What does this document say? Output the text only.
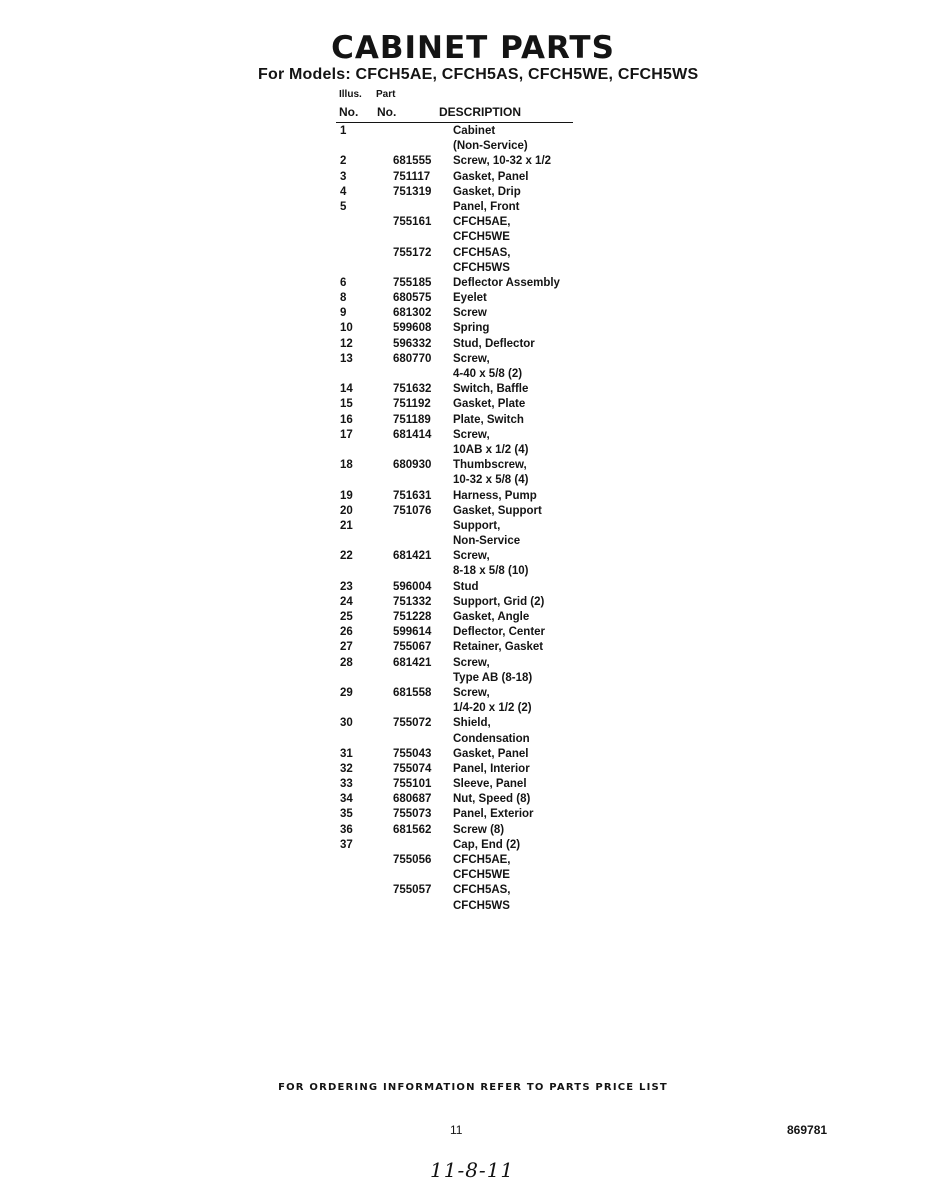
CABINET PARTS
For Models: CFCH5AE, CFCH5AS, CFCH5WE, CFCH5WS
Illus. Part
No. No.	DESCRIPTION
1	Cabinet
(Non-Service)
2	681555 Screw, 10-32 x 1/2
3	751117 Gasket, Panel
4	751319 Gasket, Drip
5	Panel, Front
755161 CFCH5AE,
CFCH5WE
755172 CFCH5AS,
CFCH5WS
6	755185 Deflector Assembly
8	680575 Eyelet
9	681302 Screw
10	599608 Spring
12	596332 Stud, Deflector
13	680770 Screw,
4-40 x 5/8 (2)
14	751632 Switch, Baffle
15	751192 Gasket, Plate
16	751189 Plate, Switch
17	681414 Screw,
10AB x 1/2 (4)
18	680930 Thumbscrew,
10-32 x 5/8 (4)
19	751631 Harness, Pump
20	751076 Gasket, Support
21	Support,
Non-Service
22	681421 Screw,
8-18 x 5/8 (10)
23	596004 Stud
24	751332 Support, Grid (2)
25	751228 Gasket, Angle
26	599614 Deflector, Center
27	755067 Retainer, Gasket
28	681421 Screw,
Type AB (8-18)
29	681558 Screw,
1/4-20 x 1/2 (2)
30	755072 Shield,
Condensation
31	755043 Gasket, Panel
32	755074 Panel, Interior
33	755101 Sleeve, Panel
34	680687 Nut, Speed (8)
35	755073 Panel, Exterior
36	681562 Screw (8)
37	Cap, End (2)
755056 CFCH5AE,
CFCH5WE
755057 CFCH5AS,
CFCH5WS
FOR ORDERING INFORMATION REFER TO PARTS PRICE LIST
11	869781
11-8-11
